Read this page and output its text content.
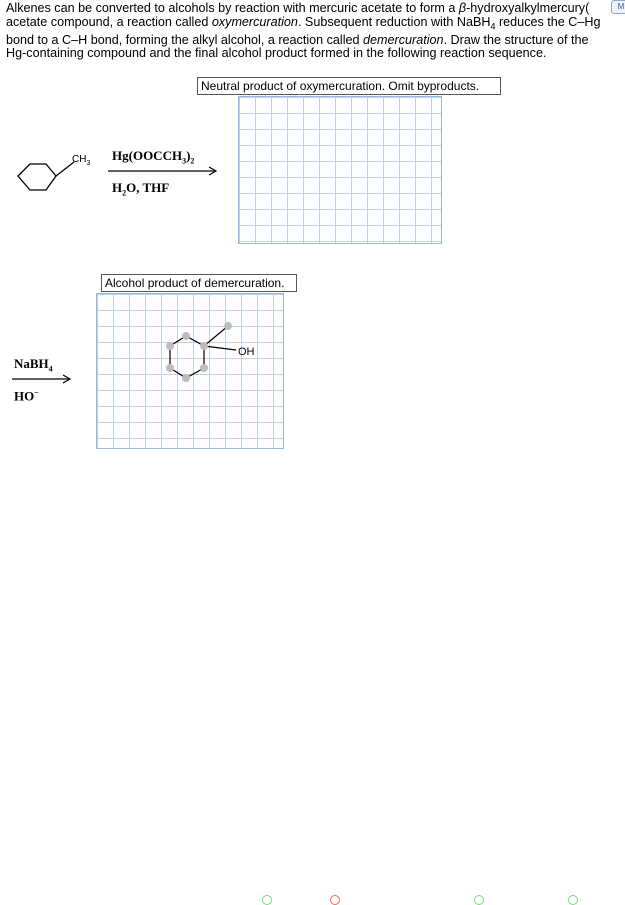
Alkenes can be converted to alcohols by reaction with mercuric acetate to form a β-hydroxyalkylmercury(

acetate compound, a reaction called oxymercuration. Subsequent reduction with NaBH$_4$ reduces the C–Hg

bond to a C–H bond, forming the alkyl alcohol, a reaction called demercuration. Draw the structure of the

Hg-containing compound and the final alcohol product formed in the following reaction sequence.

M
$CH_3$
$Hg(OOCCH_3)_2$
$H_2O$, THF
Neutral product of oxymercuration. Omit byproducts.
Alcohol product of demercuration.
OH
NaBH$_4$
HO−
